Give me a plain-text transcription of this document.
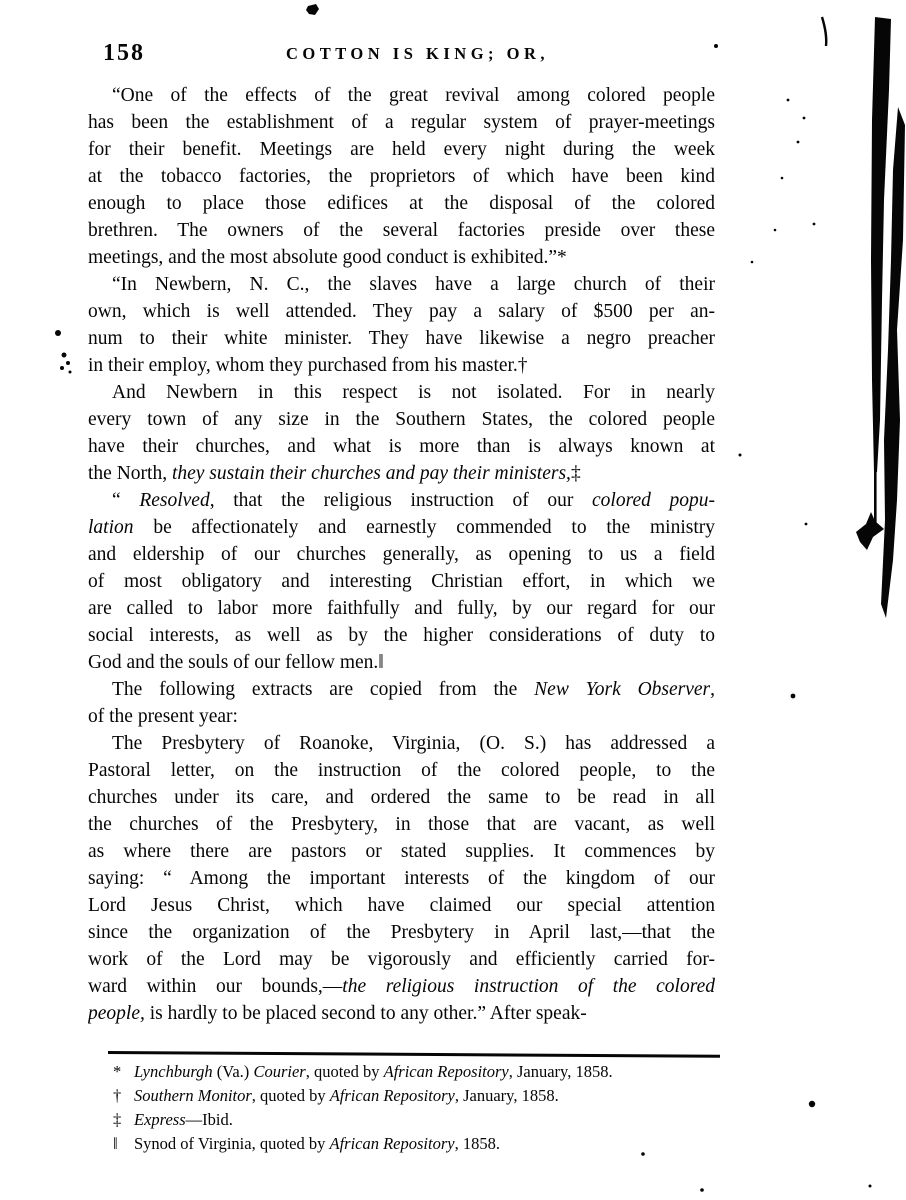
158	COTTON IS KING; OR,
“One of the effects of the great revival among colored people
has been the establishment of a regular system of prayer-meetings
for their benefit. Meetings are held every night during the week
at the tobacco factories, the proprietors of which have been kind
enough to place those edifices at the disposal of the colored
brethren. The owners of the several factories preside over these
meetings, and the most absolute good conduct is exhibited.”*
“In Newbern, N. C., the slaves have a large church of their
own, which is well attended. They pay a salary of $500 per an-
num to their white minister. They have likewise a negro preacher
in their employ, whom they purchased from his master.†
And Newbern in this respect is not isolated. For in nearly
every town of any size in the Southern States, the colored people
have their churches, and what is more than is always known at
the North, they sustain their churches and pay their ministers,‡
“ Resolved, that the religious instruction of our colored popu-
lation be affectionately and earnestly commended to the ministry
and eldership of our churches generally, as opening to us a field
of most obligatory and interesting Christian effort, in which we
are called to labor more faithfully and fully, by our regard for our
social interests, as well as by the higher considerations of duty to
God and the souls of our fellow men.‖
The following extracts are copied from the New York Observer,
of the present year:
The Presbytery of Roanoke, Virginia, (O. S.) has addressed a
Pastoral letter, on the instruction of the colored people, to the
churches under its care, and ordered the same to be read in all
the churches of the Presbytery, in those that are vacant, as well
as where there are pastors or stated supplies. It commences by
saying: “ Among the important interests of the kingdom of our
Lord Jesus Christ, which have claimed our special attention
since the organization of the Presbytery in April last,—that the
work of the Lord may be vigorously and efficiently carried for-
ward within our bounds,—the religious instruction of the colored
people, is hardly to be placed second to any other.” After speak-
* Lynchburgh (Va.) Courier, quoted by African Repository, January, 1858.
† Southern Monitor, quoted by African Repository, January, 1858.
‡ Express—Ibid.
‖ Synod of Virginia, quoted by African Repository, 1858.
